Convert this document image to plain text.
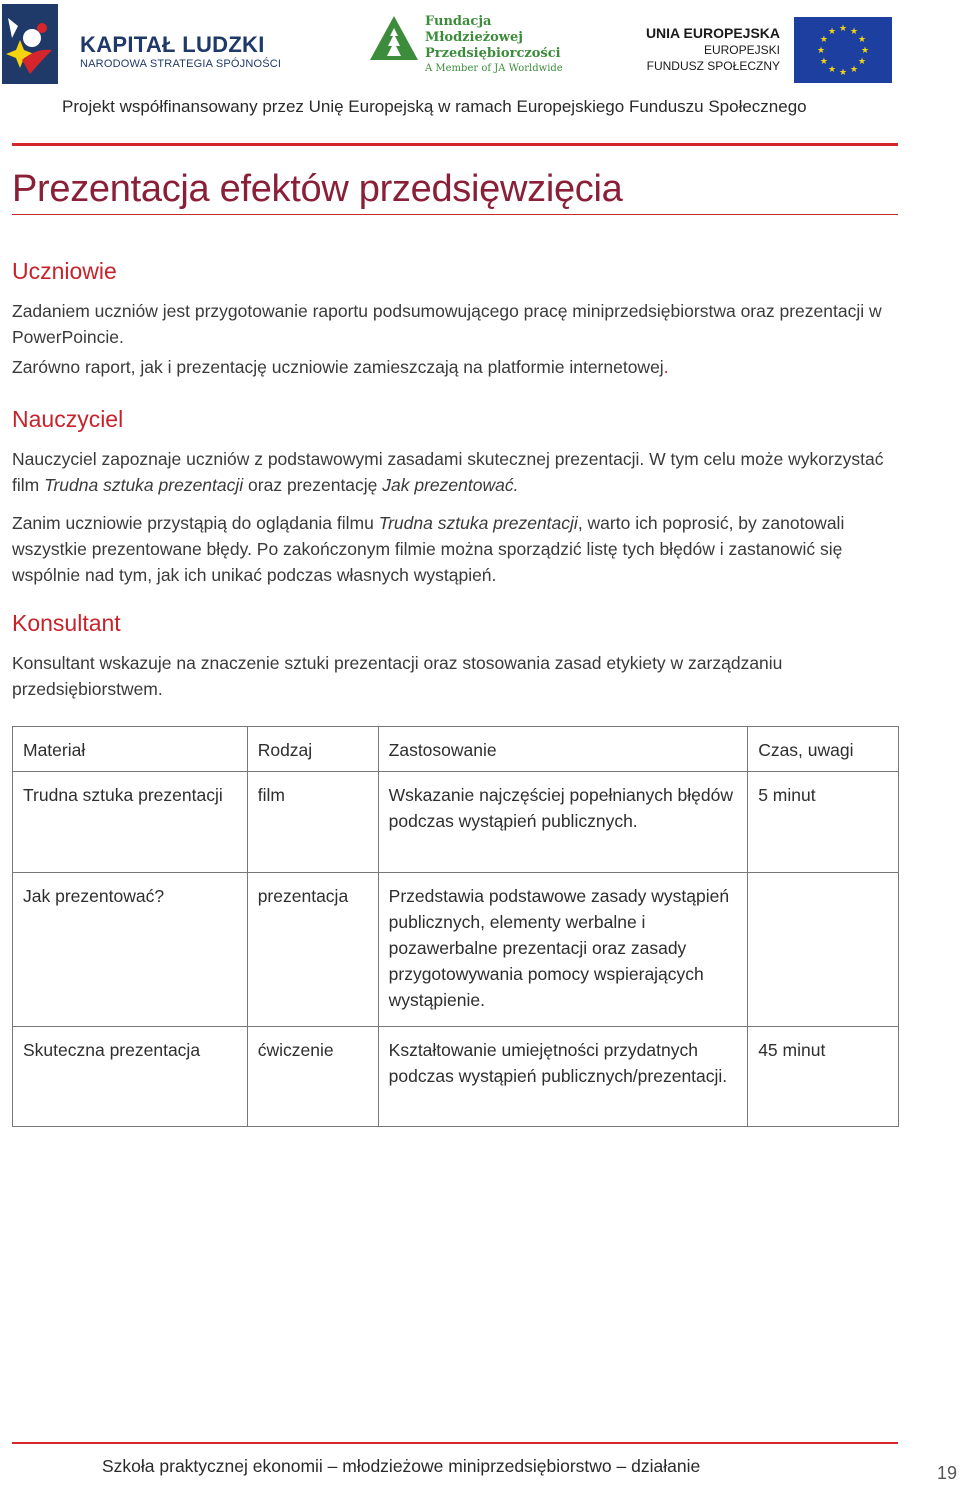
KAPITAŁ LUDZKI
NARODOWA STRATEGIA SPÓJNOŚCI
Fundacja
Młodzieżowej
Przedsiębiorczości
A Member of JA Worldwide
UNIA EUROPEJSKA
EUROPEJSKI
FUNDUSZ SPOŁECZNY
★ ★
★
★
★
★
★
★
★
★
★
★
Projekt współfinansowany przez Unię Europejską w ramach Europejskiego Funduszu Społecznego
Prezentacja efektów przedsięwzięcia
Uczniowie

Zadaniem uczniów jest przygotowanie raportu podsumowującego pracę miniprzedsiębiorstwa oraz prezentacji w PowerPoincie.

Zarówno raport, jak i prezentację uczniowie zamieszczają na platformie internetowej.

Nauczyciel

Nauczyciel zapoznaje uczniów z podstawowymi zasadami skutecznej prezentacji. W tym celu może wykorzystać film Trudna sztuka prezentacji oraz prezentację Jak prezentować.

Zanim uczniowie przystąpią do oglądania filmu Trudna sztuka prezentacji, warto ich poprosić, by zanotowali wszystkie prezentowane błędy. Po zakończonym filmie można sporządzić listę tych błędów i zastanowić się wspólnie nad tym, jak ich unikać podczas własnych wystąpień.

Konsultant

Konsultant wskazuje na znaczenie sztuki prezentacji oraz stosowania zasad etykiety w zarządzaniu przedsiębiorstwem.

Materiał	Rodzaj	Zastosowanie	Czas, uwagi
Trudna sztuka prezentacji	film	Wskazanie najczęściej popełnianych błędów podczas wystąpień publicznych.	5 minut
Jak prezentować?	prezentacja	Przedstawia podstawowe zasady wystąpień publicznych, elementy werbalne i pozawerbalne prezentacji oraz zasady przygotowywania pomocy wspierających wystąpienie.	
Skuteczna prezentacja	ćwiczenie	Kształtowanie umiejętności przydatnych podczas wystąpień publicznych/prezentacji.	45 minut
Szkoła praktycznej ekonomii – młodzieżowe miniprzedsiębiorstwo – działanie	19
